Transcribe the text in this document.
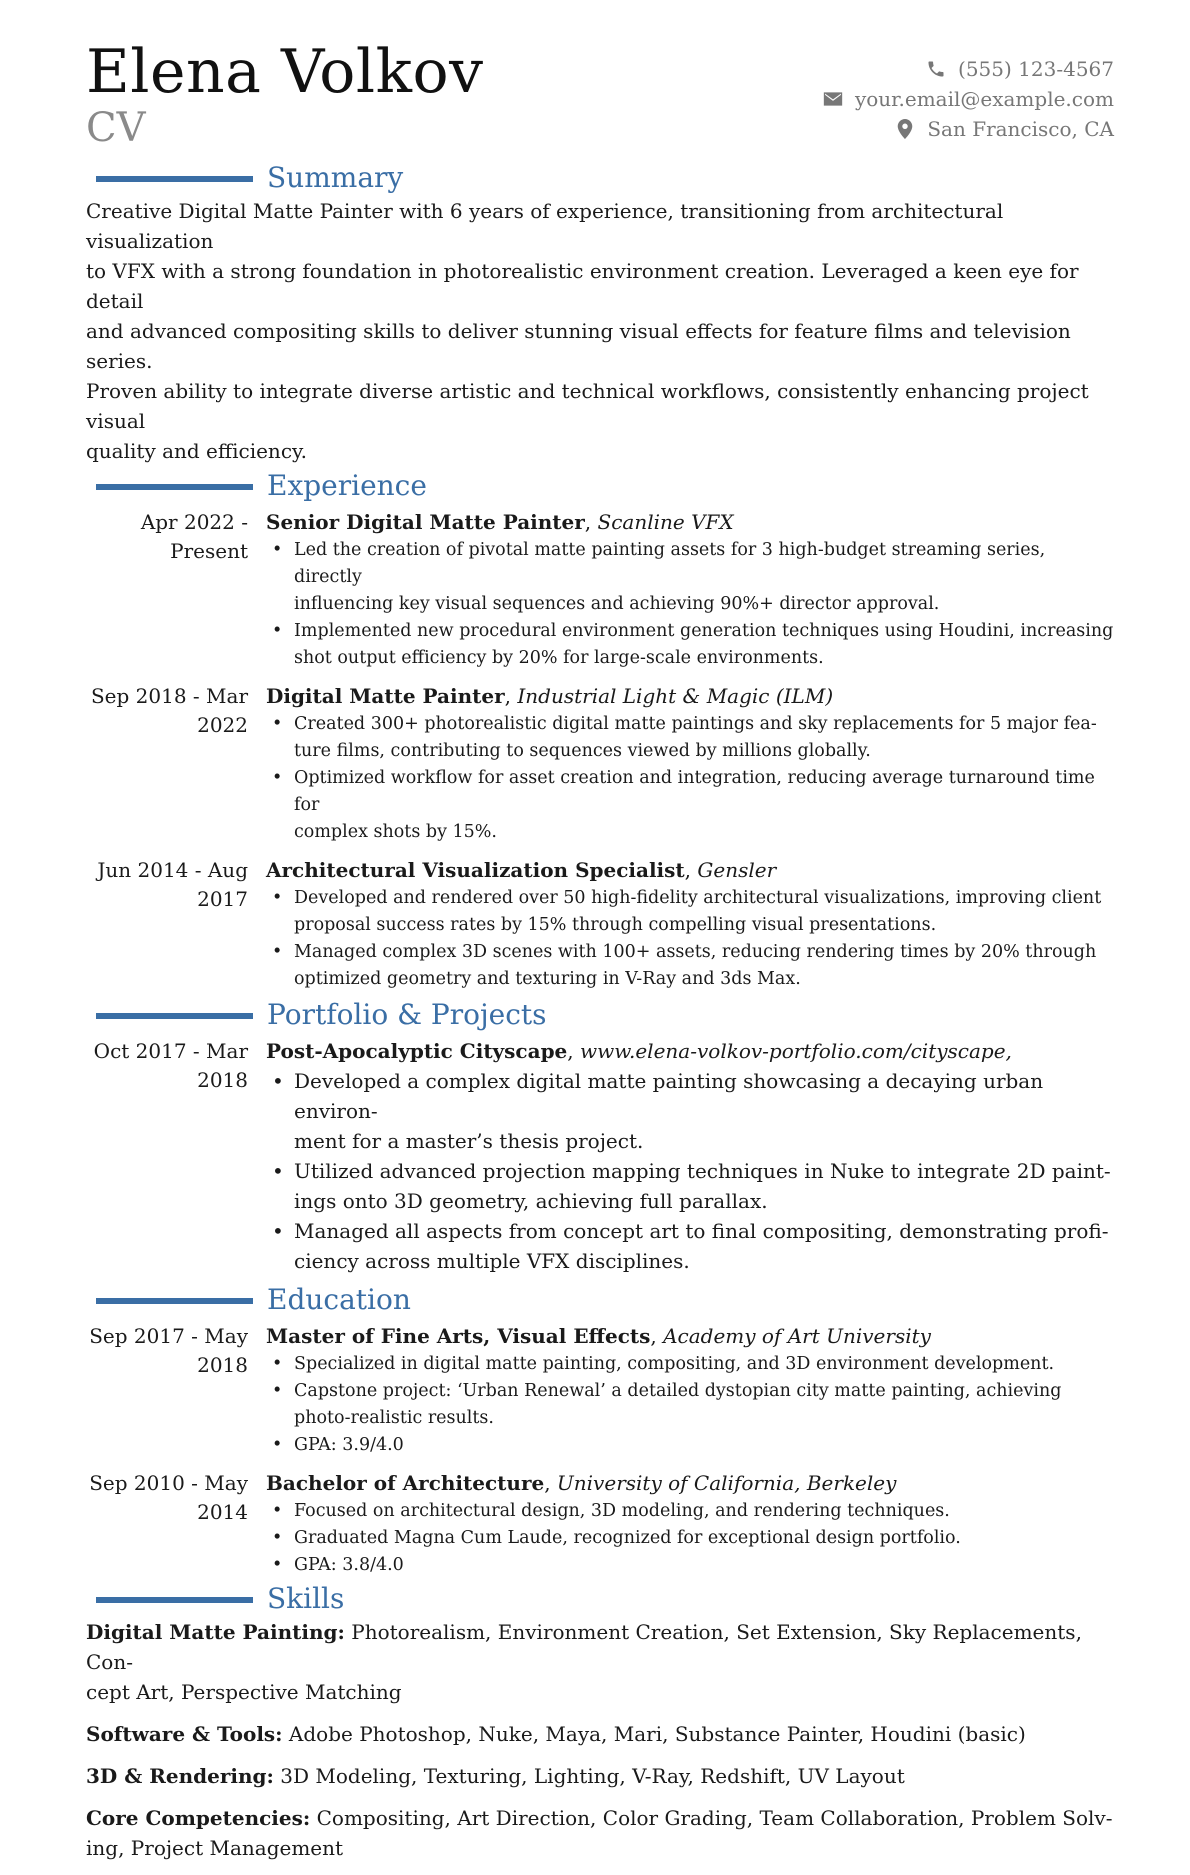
Elena Volkov
CV
(555) 123-4567
your.email@example.com
San Francisco, CA
Summary
Creative Digital Matte Painter with 6 years of experience, transitioning from architectural visualization
to VFX with a strong foundation in photorealistic environment creation. Leveraged a keen eye for detail
and advanced compositing skills to deliver stunning visual effects for feature films and television series.
Proven ability to integrate diverse artistic and technical workflows, consistently enhancing project visual
quality and efficiency.
Experience
Apr 2022 -
Present
Senior Digital Matte Painter, Scanline VFX
• Led the creation of pivotal matte painting assets for 3 high-budget streaming series, directly
influencing key visual sequences and achieving 90%+ director approval.
• Implemented new procedural environment generation techniques using Houdini, increasing
shot output efficiency by 20% for large-scale environments.
Sep 2018 - Mar
2022
Digital Matte Painter, Industrial Light & Magic (ILM)
• Created 300+ photorealistic digital matte paintings and sky replacements for 5 major fea-
ture films, contributing to sequences viewed by millions globally.
• Optimized workflow for asset creation and integration, reducing average turnaround time for
complex shots by 15%.
Jun 2014 - Aug
2017
Architectural Visualization Specialist, Gensler
• Developed and rendered over 50 high-fidelity architectural visualizations, improving client
proposal success rates by 15% through compelling visual presentations.
• Managed complex 3D scenes with 100+ assets, reducing rendering times by 20% through
optimized geometry and texturing in V-Ray and 3ds Max.
Portfolio & Projects
Oct 2017 - Mar
2018
Post-Apocalyptic Cityscape, www.elena-volkov-portfolio.com/cityscape,
• Developed a complex digital matte painting showcasing a decaying urban environ-
ment for a master’s thesis project.
• Utilized advanced projection mapping techniques in Nuke to integrate 2D paint-
ings onto 3D geometry, achieving full parallax.
• Managed all aspects from concept art to final compositing, demonstrating profi-
ciency across multiple VFX disciplines.
Education
Sep 2017 - May
2018
Master of Fine Arts, Visual Effects, Academy of Art University
• Specialized in digital matte painting, compositing, and 3D environment development.
• Capstone project: ‘Urban Renewal’ a detailed dystopian city matte painting, achieving
photo-realistic results.
• GPA: 3.9/4.0
Sep 2010 - May
2014
Bachelor of Architecture, University of California, Berkeley
• Focused on architectural design, 3D modeling, and rendering techniques.
• Graduated Magna Cum Laude, recognized for exceptional design portfolio.
• GPA: 3.8/4.0
Skills
Digital Matte Painting: Photorealism, Environment Creation, Set Extension, Sky Replacements, Con-
cept Art, Perspective Matching
Software & Tools: Adobe Photoshop, Nuke, Maya, Mari, Substance Painter, Houdini (basic)
3D & Rendering: 3D Modeling, Texturing, Lighting, V-Ray, Redshift, UV Layout
Core Competencies: Compositing, Art Direction, Color Grading, Team Collaboration, Problem Solv-
ing, Project Management
